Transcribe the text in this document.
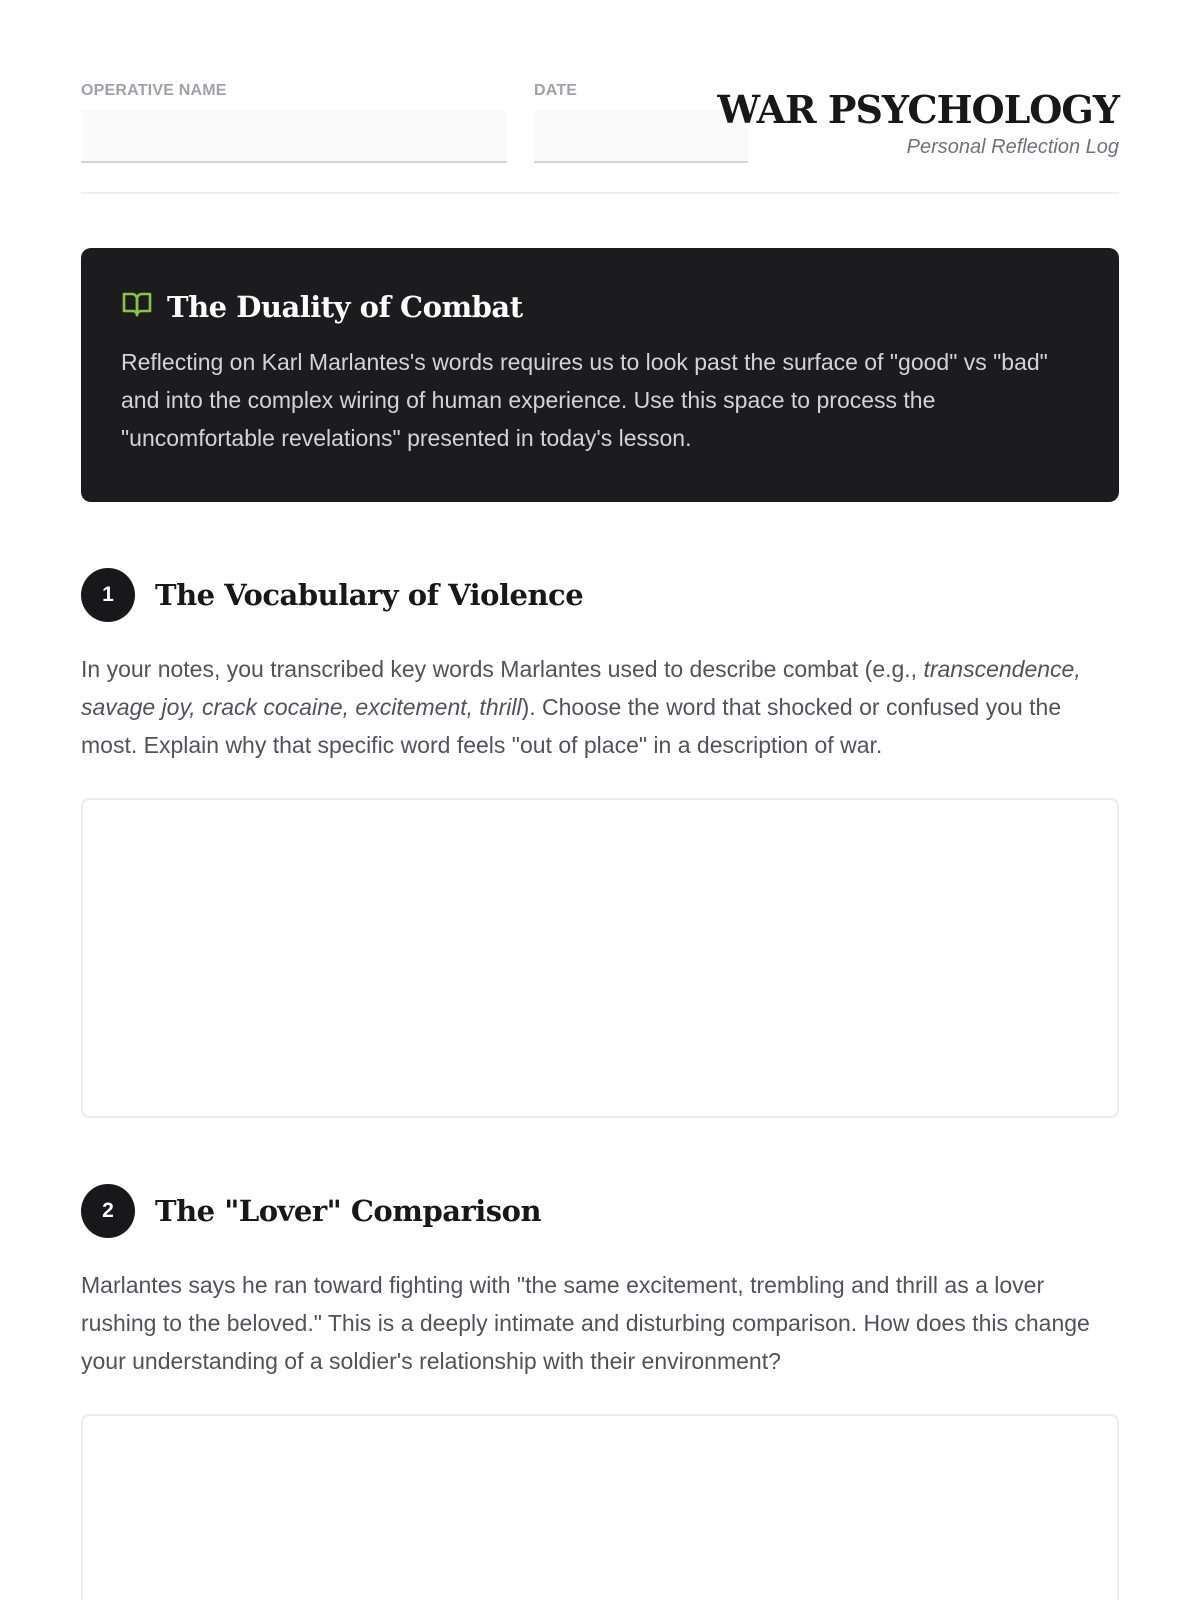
OPERATIVE NAME	DATE	WAR PSYCHOLOGY
Personal Reflection Log
The Duality of Combat

Reflecting on Karl Marlantes's words requires us to look past the surface of "good" vs "bad" and into the complex wiring of human experience. Use this space to process the "uncomfortable revelations" presented in today's lesson.

1	The Vocabulary of Violence

In your notes, you transcribed key words Marlantes used to describe combat (e.g., transcendence, savage joy, crack cocaine, excitement, thrill). Choose the word that shocked or confused you the most. Explain why that specific word feels "out of place" in a description of war.

2	The "Lover" Comparison

Marlantes says he ran toward fighting with "the same excitement, trembling and thrill as a lover rushing to the beloved." This is a deeply intimate and disturbing comparison. How does this change your understanding of a soldier's relationship with their environment?
